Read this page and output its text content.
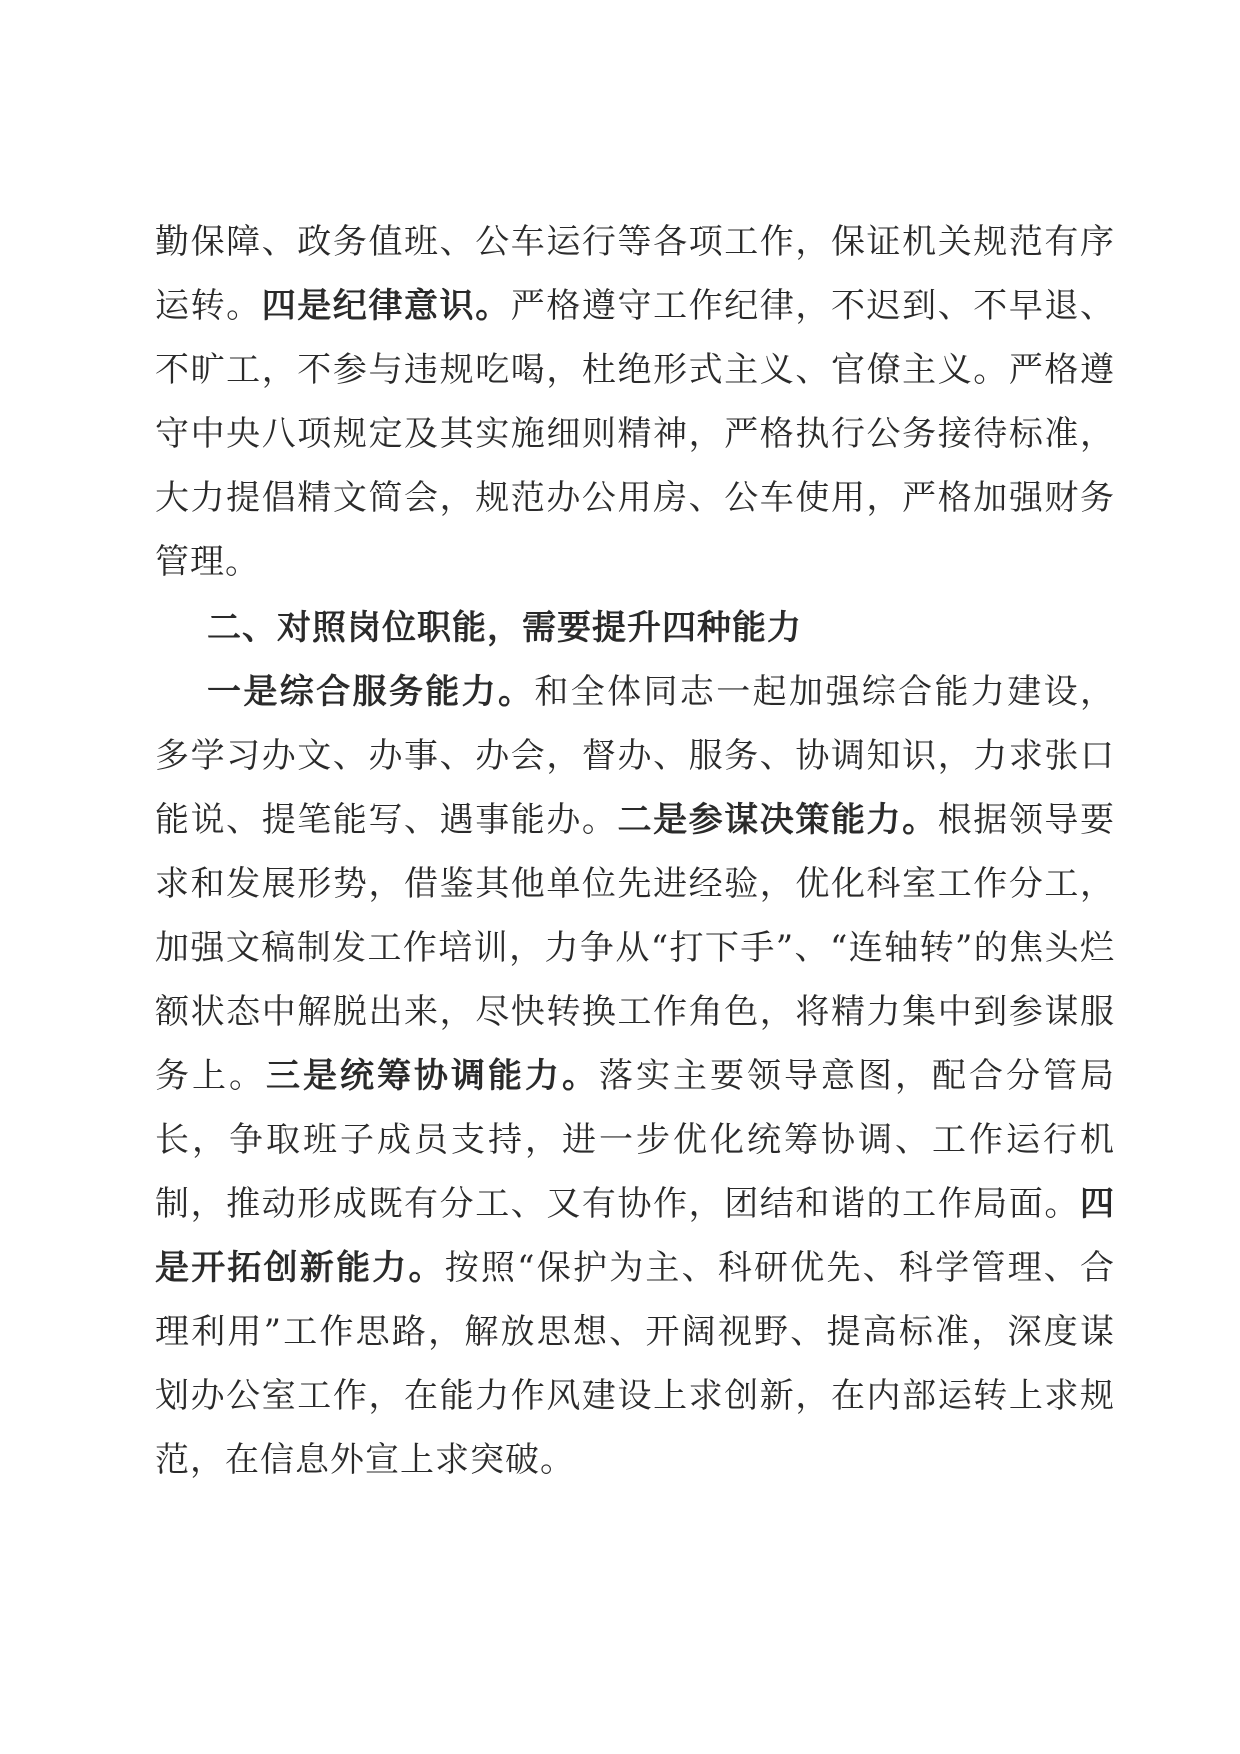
勤保障、政务值班、公车运行等各项工作，保证机关规范有序运转。四是纪律意识。严格遵守工作纪律，不迟到、不早退、不旷工，不参与违规吃喝，杜绝形式主义、官僚主义。严格遵守中央八项规定及其实施细则精神，严格执行公务接待标准，大力提倡精文简会，规范办公用房、公车使用，严格加强财务管理。

二、对照岗位职能，需要提升四种能力

一是综合服务能力。和全体同志一起加强综合能力建设，多学习办文、办事、办会，督办、服务、协调知识，力求张口能说、提笔能写、遇事能办。二是参谋决策能力。根据领导要求和发展形势，借鉴其他单位先进经验，优化科室工作分工，加强文稿制发工作培训，力争从“打下手”、“连轴转”的焦头烂额状态中解脱出来，尽快转换工作角色，将精力集中到参谋服务上。三是统筹协调能力。落实主要领导意图，配合分管局长，争取班子成员支持，进一步优化统筹协调、工作运行机制，推动形成既有分工、又有协作，团结和谐的工作局面。四是开拓创新能力。按照“保护为主、科研优先、科学管理、合理利用”工作思路，解放思想、开阔视野、提高标准，深度谋划办公室工作，在能力作风建设上求创新，在内部运转上求规范，在信息外宣上求突破。
